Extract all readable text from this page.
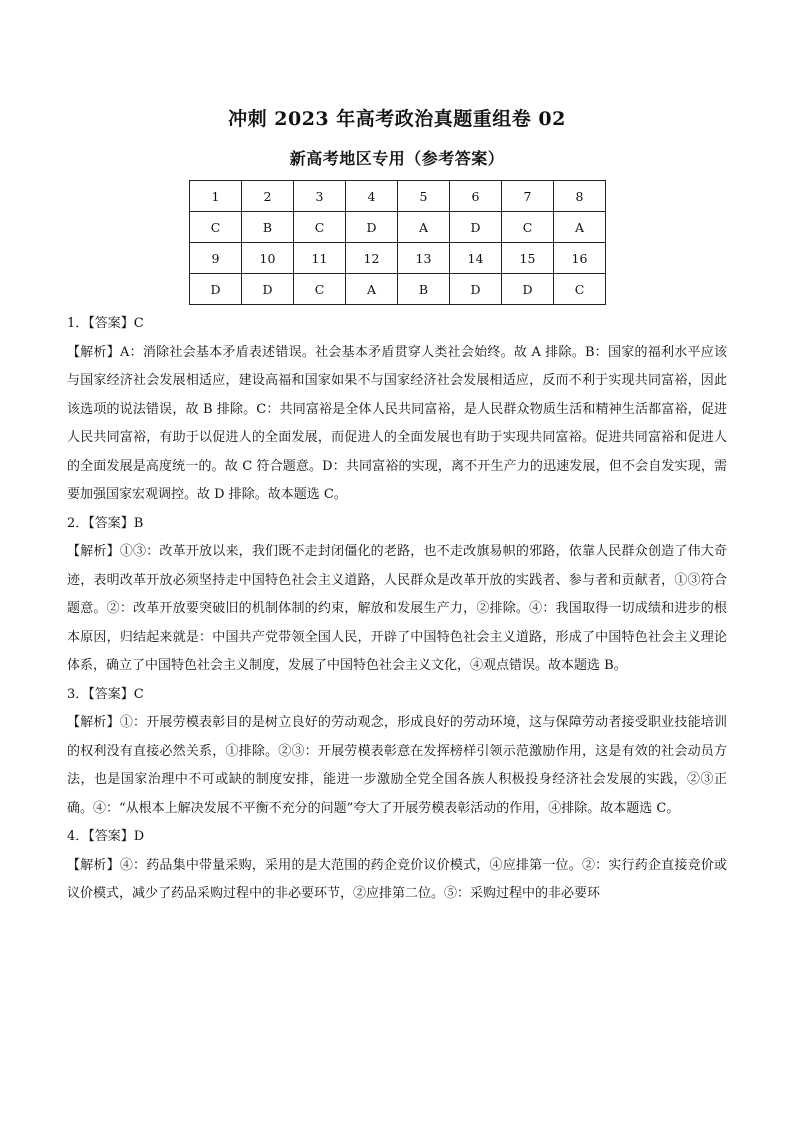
冲刺 2023 年高考政治真题重组卷 02
新高考地区专用（参考答案）
1	2	3	4	5	6	7	8
C	B	C	D	A	D	C	A
9	10	11	12	13	14	15	16
D	D	C	A	B	D	D	C

1．【答案】C

【解析】A：消除社会基本矛盾表述错误。社会基本矛盾贯穿人类社会始终。故 A 排除。B：国家的福利水平应该与国家经济社会发展相适应，建设高福和国家如果不与国家经济社会发展相适应，反而不利于实现共同富裕，因此该选项的说法错误，故 B 排除。C：共同富裕是全体人民共同富裕，是人民群众物质生活和精神生活都富裕，促进人民共同富裕，有助于以促进人的全面发展，而促进人的全面发展也有助于实现共同富裕。促进共同富裕和促进人的全面发展是高度统一的。故 C 符合题意。D：共同富裕的实现，离不开生产力的迅速发展，但不会自发实现，需要加强国家宏观调控。故 D 排除。故本题选 C。

2．【答案】B

【解析】①③：改革开放以来，我们既不走封闭僵化的老路，也不走改旗易帜的邪路，依靠人民群众创造了伟大奇迹，表明改革开放必须坚持走中国特色社会主义道路，人民群众是改革开放的实践者、参与者和贡献者，①③符合题意。②：改革开放要突破旧的机制体制的约束，解放和发展生产力，②排除。④：我国取得一切成绩和进步的根本原因，归结起来就是：中国共产党带领全国人民，开辟了中国特色社会主义道路，形成了中国特色社会主义理论体系，确立了中国特色社会主义制度，发展了中国特色社会主义文化，④观点错误。故本题选 B。

3．【答案】C

【解析】①：开展劳模表彰目的是树立良好的劳动观念，形成良好的劳动环境，这与保障劳动者接受职业技能培训的权利没有直接必然关系，①排除。②③：开展劳模表彰意在发挥榜样引领示范激励作用，这是有效的社会动员方法，也是国家治理中不可或缺的制度安排，能进一步激励全党全国各族人积极投身经济社会发展的实践，②③正确。④：“从根本上解决发展不平衡不充分的问题”夸大了开展劳模表彰活动的作用，④排除。故本题选 C。

4．【答案】D

【解析】④：药品集中带量采购，采用的是大范围的药企竞价议价模式，④应排第一位。②：实行药企直接竞价或议价模式，减少了药品采购过程中的非必要环节，②应排第二位。⑤：采购过程中的非必要环
